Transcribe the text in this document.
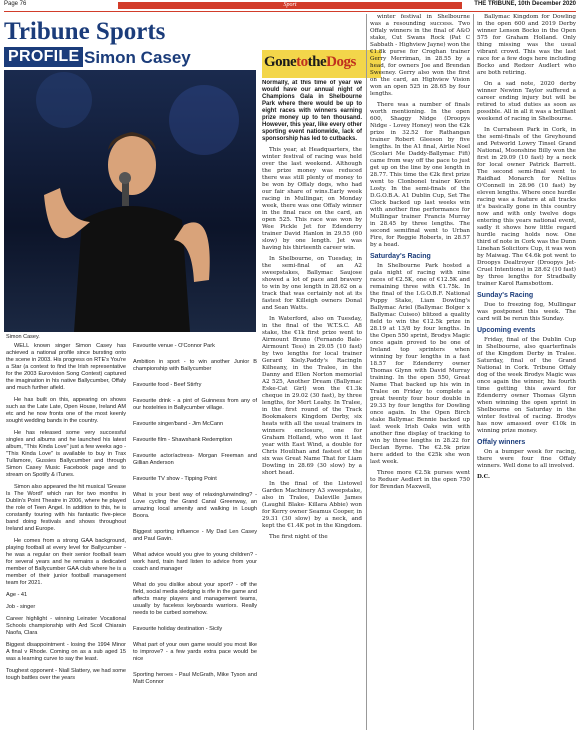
Page 76	Sport	THE TRIBUNE, 10th December 2020
Tribune Sports
PROFILE Simon Casey
Simon Casey.

WELL known singer Simon Casey has achieved a national profile since bursting onto the scene in 2003. His progress on RTE's You're a Star (a contest to find the Irish representative for the 2003 Eurovision Song Contest) captured the imagination in his native Ballycumber, Offaly and much further afield.

He has built on this, appearing on shows such as the Late Late, Open House, Ireland AM etc and he now fronts one of the most keenly sought wedding bands in the country.

He has released some very successful singles and albums and he launched his latest album, "This Kinda Love" just a few weeks ago - "This Kinda Love" is available to buy in Trax Tullamore, Gussies Ballycumber and through Simon Casey Music Facebook page and to stream on Spotify & iTunes.

Simon also appeared the hit musical 'Grease Is The Word!' which ran for two months in Dublin's Point Theatre in 2006, where he played the role of Teen Angel. In addition to this, he is constantly touring with his fantastic five-piece band doing festivals and shows throughout Ireland and Europe.

He comes from a strong GAA background, playing football at every level for Ballycumber - he was a regular on their senior football team for several years and he remains a dedicated member of Ballycumber GAA club where he is a member of their junior football management team for 2021.

Age - 41

Job - singer

Career highlight - winning Leinster Vocational Schools championship with Ard Scoil Chiarain Naofa, Clara

Biggest disappointment - losing the 1994 Minor A final v Rhode. Coming on as a sub aged 15 was a learning curve to say the least.

Toughest opponent - Niall Slattery, we had some tough battles over the years

Favourite venue - O'Connor Park

Ambition in sport - to win another Junior B championship with Ballycumber

Favourite food - Beef Stirfry

Favourite drink - a pint of Guinness from any of our hostelries in Ballycumber village.

Favourite singer/band - Jim McCann

Favourite film - Shawshank Redemption

Favourite actor/actress- Morgan Freeman and Gillian Anderson

Favourite TV show - Tipping Point

What is your best way of relaxing/unwinding? - Love cycling the Grand Canal Greenway, an amazing local amenity and walking in Lough Boora.

Biggest sporting influence - My Dad Len Casey and Paul Gavin.

What advice would you give to young children? - work hard, train hard listen to advice from your coach and manager

What do you dislike about your sport? - off the field, social media sledging is rife in the game and affects many players and management teams, usually by faceless keyboards warriors. Really needs to be curbed somehow.

Favourite holiday destination - Sicily

What part of your own game would you most like to improve? - a few yards extra pace would be nice

Sporting heroes - Paul McGrath, Mike Tyson and Matt Connor

GonetotheDogs

Normally, at this time of year we would have our annual night of Champions Gala in Shelbourne Park where there would be up to eight races with winners earning prize money up to ten thousand. However, this year, like every other sporting event nationwide, lack of sponsorship has led to cutbacks.

This year, at Headquarters, the winter festival of racing was held over the last weekend. Although the prize money was reduced there was still plenty of money to be won by Offaly dogs, who had our fair share of wins.Early week racing in Mullingar, on Monday week, there was one Offaly winner in the final race on the card, an open 525. This race was won by Wee Pickle Jet for Edenderry trainer David Hanlon in 29.55 (60 slow) by one length. Jet was having his thirteenth career win.

In Shelbourne, on Tuesday, in the semi-final of an A2 sweepstakes, Ballymac Saujose showed a lot of pace and bravery to win by one length in 28.62 on a track that was certainly not at its fastest for Killeigh owners Donal and Sean Watts.

In Waterford, also on Tuesday, in the final of the W.T.S.C. A8 stake, the €1k first prize went to Airmount Bruno (Fernando Bale-Airmount Tess) in 29.05 (10 fast) by two lengths for local trainer Gerard Kiely.Paddy's Racingln Kilheany, in the Tralee, in the Danny and Ellen Norton memorial A2 525, Another Dream (Ballymac Eske-Cat Girl) won the €1.3k cheque in 29.02 (30 fast), by three lengths, for Mert Leahy. In Tralee, in the first round of the Track Bookmakers Kingdom Derby, six heats with all the usual trainers in winners enclosure, one for Graham Holland, who won it last year with East Wind, a double for Chris Houlihan and fastest of the six was Great Name That for Liam Dowling in 28.69 (30 slow) by a short head.

In the final of the Listowel Garden Machinery A3 sweepstake, also in Tralee, Daleville James (Laughil Blake- Killara Abbie) won for Kerry owner Seamus Cooper, in 29.31 (30 slow) by a neck, and kept the €1.4K pot in the Kingdom.

The first night of the

winter festival in Shelbourne was a resounding success. Two Offaly winners in the final of A&O stake, Cut Swans Rock (Pat C Sabbath - Highview Jayne) won the €1.8k purse for Croghan trainer Gerry Merriman, in 28.55 by a head, for owners Joe and Brendan Sweeney. Gerry also won the first on the card, an Highview Vision won an open 525 in 28.65 by four lengths.

There was a number of finals worth mentioning. In the open 600, Shaggy Nidge (Droopys Nidge - Lovey Honey) won the €2k prize in 32.52 for Rathangan trainer Robert Gleeson by five lengths. In the A1 final, Airlie Noel (Scolari Me Daddy-Ballymac Fifi) came from way off the pace to just get up on the line by one length in 28.77. This time the €2k first prize went to Clonbonel trainer Kevin Losty. In the semi-finals of the D.G.O.B.A. A1 Dublin Cup, Set The Clock backed up last weeks win with another fine performance for Mullingar trainer Francis Murray in 28.45 by three lengths. The second semifinal went to Urban Fire, for Reggie Roberts, in 28.57 by a head.

Saturday's Racing

In Shelbourne Park hosted a gala night of racing with nine races of €2.5K, one of €12.5K and remaining three with €1.75k. In the final of the I.G.O.B.F. National Puppy Stake, Liam Dowling's Ballymac Ariel (Ballymac Bolger x Ballymac Cuiseo) blitzed a quality field to win the €12.5k prize in 28.19 at 13/8 by four lengths. In the Open 550 sprint, Brodys Magic once again proved to be one of Ireland top sprinters when winning by four lengths in a fast 18.57 for Edenderry owner Thomas Glynn with David Murray training. In the open 550, Great Name That backed up his win in Tralee on Friday to complete a great twenty four hour double in 29.33 by four lengths for Dowling once again. In the Open Birch stake Ballymac Bennie backed up last week Irish Oaks win with another fine display of tracking to win by three lengths in 28.22 for Declan Byrne. The €2.5k prize here added to the €25k she won last week.

Three more €2.5k purses went to Reduer Aedlert in the open 750 for Brendan Maxwell,

Ballymac Kingdom for Dowling in the open 600 and 2019 Derby winner Lenson Bocko in the Open 575 for Graham Holland. Only thing missing was the usual vibrant crowd. This was the last race for a few dogs here including Bocko and Redzer Audlert who are both retiring.

On a sad note, 2020 derby winner Newinn Taylor suffered a career ending injury but will be retired to stud duties as soon as possible. All in all it was a brilliant weekend of racing in Shelbourne.

In Curraheen Park in Cork, in the semi-finals of the Greyhound and Petworld Lowry Tinsel Grand National, Moonshine Billy won the first in 29.09 (10 fast) by a neck for local owner Patrick Barrett. The second semi-final went to Raidhad Monarch for Nelius O'Connell in 28.96 (10 fast) by eleven lengths. Where once hurdle racing was a feature at all tracks it's basically gone in this country now and with only twelve dogs entering this years national event, sadly it shows how little regard hurdle racing holds now. One third of note in Cork was the Dunn Linehan Solicitors Cup, it was won by Maiwag. The €4.6k pot went to Droopys Dealtroyer (Droopys Jet-Cruel Intentions) in 28.62 (10 fast) by three lengths for Stradbally trainer Karol Ramsbottom.

Sunday's Racing

Due to freezing fog, Mullingar was postponed this week. The card will be rerun this Sunday.

Upcoming events

Friday, final of the Dublin Cup in Shelbourne, also quarterfinals of the Kingdom Derby in Tralee. Saturday, final of the Grand National in Cork. Tribune Offaly dog of the week Brodys Magic was once again the winner, his fourth time getting this award for Edenderry owner Thomas Glynn when winning the open sprint in Shelbourne on Saturday in the winter festival of racing. Brodys has now amassed over €10k in winning prize money.

Offaly winners

On a bumper week for racing, there were four fine Offaly winners. Well done to all involved.

D.C.
